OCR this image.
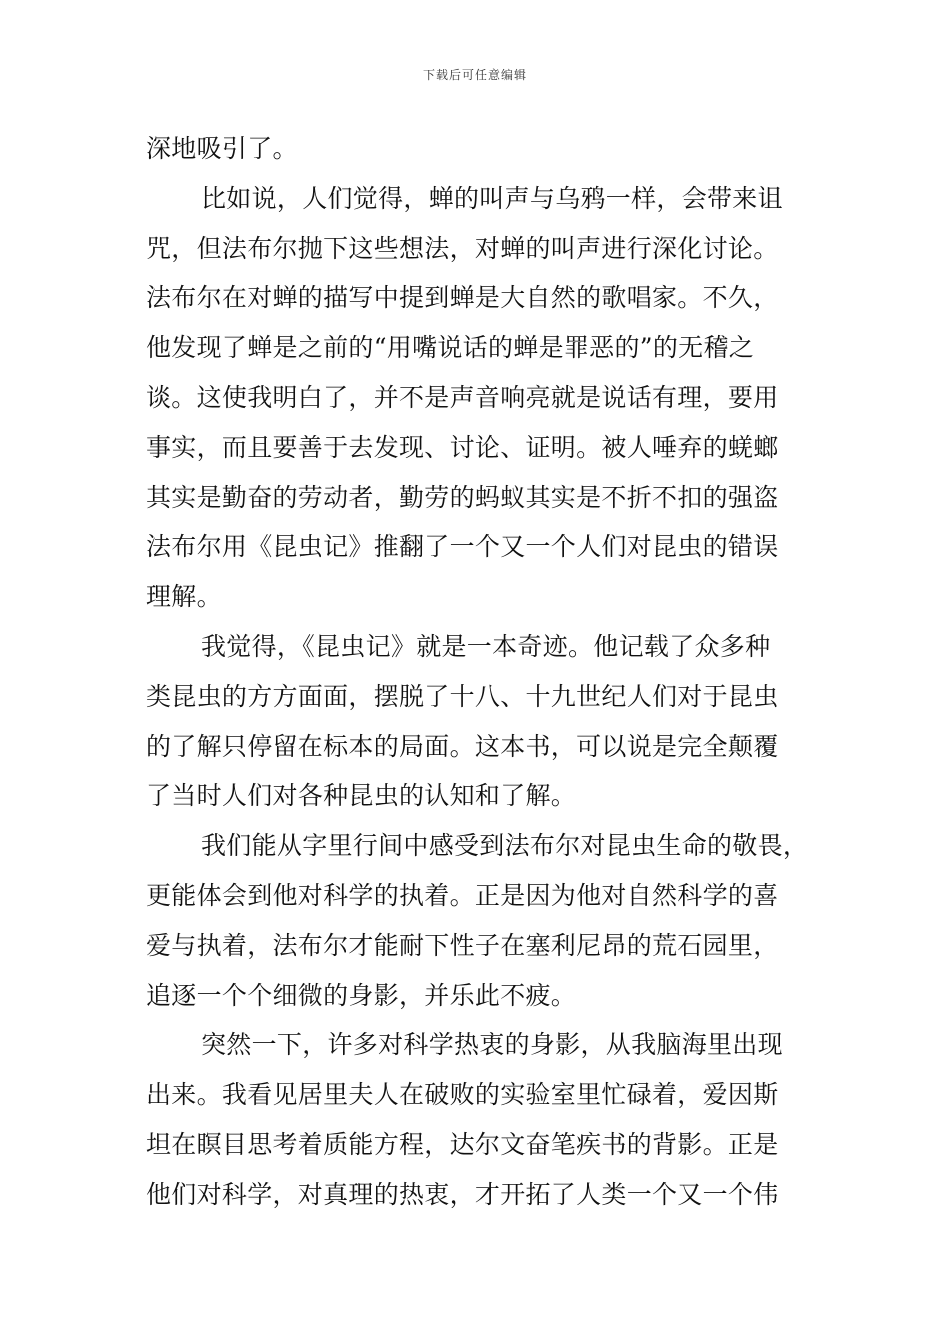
下载后可任意编辑
深地吸引了。
比如说，人们觉得，蝉的叫声与乌鸦一样，会带来诅
咒，但法布尔抛下这些想法，对蝉的叫声进行深化讨论。
法布尔在对蝉的描写中提到蝉是大自然的歌唱家。不久，
他发现了蝉是之前的“用嘴说话的蝉是罪恶的”的无稽之
谈。这使我明白了，并不是声音响亮就是说话有理，要用
事实，而且要善于去发现、讨论、证明。被人唾弃的蜣螂
其实是勤奋的劳动者，勤劳的蚂蚁其实是不折不扣的强盗
法布尔用《昆虫记》推翻了一个又一个人们对昆虫的错误
理解。
我觉得，《昆虫记》就是一本奇迹。他记载了众多种
类昆虫的方方面面，摆脱了十八、十九世纪人们对于昆虫
的了解只停留在标本的局面。这本书，可以说是完全颠覆
了当时人们对各种昆虫的认知和了解。
我们能从字里行间中感受到法布尔对昆虫生命的敬畏，
更能体会到他对科学的执着。正是因为他对自然科学的喜
爱与执着，法布尔才能耐下性子在塞利尼昂的荒石园里，
追逐一个个细微的身影，并乐此不疲。
突然一下，许多对科学热衷的身影，从我脑海里出现
出来。我看见居里夫人在破败的实验室里忙碌着，爱因斯
坦在瞑目思考着质能方程，达尔文奋笔疾书的背影。正是
他们对科学，对真理的热衷，才开拓了人类一个又一个伟
